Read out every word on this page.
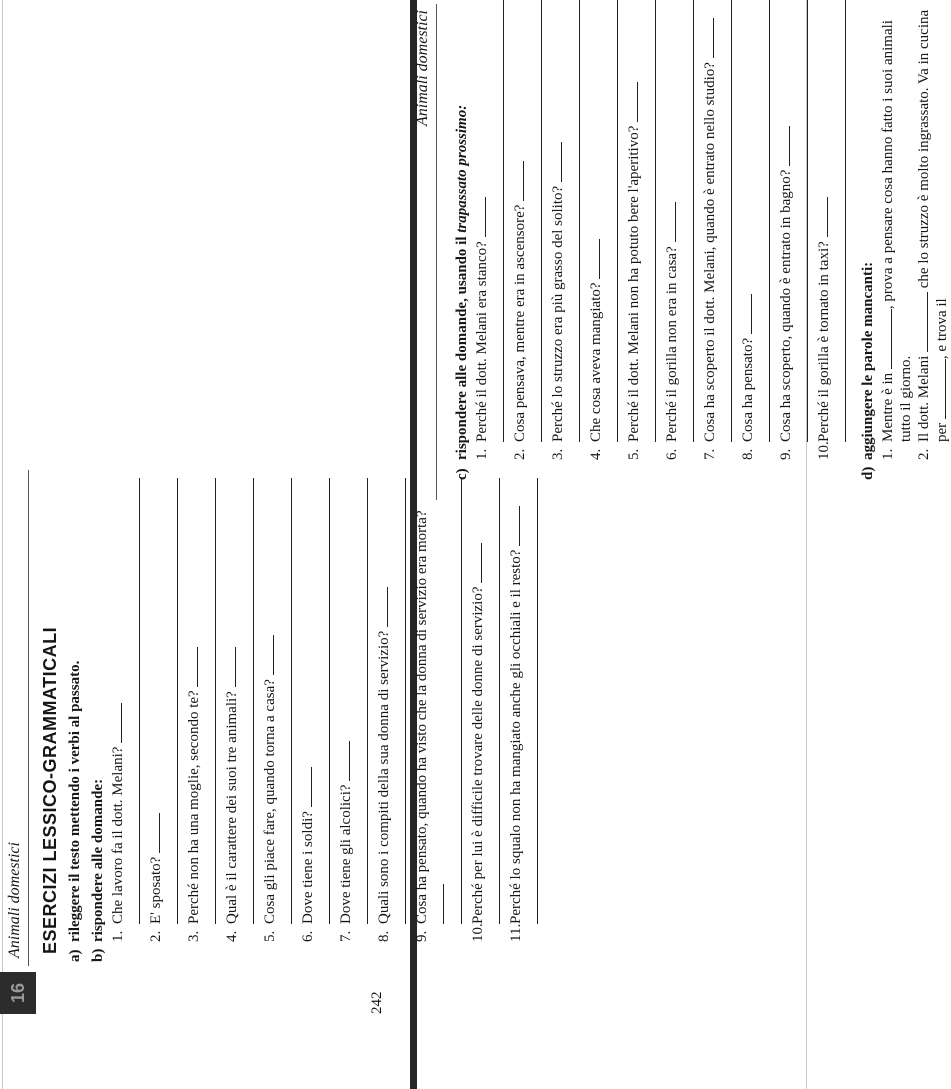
16
Animali domestici
242
ESERCIZI LESSICO-GRAMMATICALI
a)rileggere il testo mettendo i verbi al passato.
b)rispondere alle domande: 1.
Che lavoro fa il dott. Melani?
2.
E' sposato?
3.
Perché non ha una moglie, secondo te?
4.
Qual è il carattere dei suoi tre animali?
5.
Cosa gli piace fare, quando torna a casa?
6.
Dove tiene i soldi?
7.
Dove tiene gli alcolici?
8.
Quali sono i compiti della sua donna di servizio?
9.
Cosa ha pensato, quando ha visto che la donna di servizio era morta?
10.
Perché per lui è difficile trovare delle donne di servizio?
11.
Perché lo squalo non ha mangiato anche gli occhiali e il resto?
Animali domestici
c)rispondere alle domande, usando il trapassato prossimo:
1.
Perché il dott. Melani era stanco?
2.
Cosa pensava, mentre era in ascensore?
3.
Perché lo struzzo era più grasso del solito?
4.
Che cosa aveva mangiato?
5.
Perché il dott. Melani non ha potuto bere l'aperitivo?
6.
Perché il gorilla non era in casa?
7.
Cosa ha scoperto il dott. Melani, quando è entrato nello studio?
8.
Cosa ha pensato?
9.
Cosa ha scoperto, quando è entrato in bagno?
10.
Perché il gorilla è tornato in taxi?
d)aggiungere le parole mancanti: 1.
Mentre è in , prova a pensare cosa hanno fatto i suoi animali tutto il giorno.
2.
Il dott. Melani  che lo struzzo è molto ingrassato. Va in cucina per , e trova il
